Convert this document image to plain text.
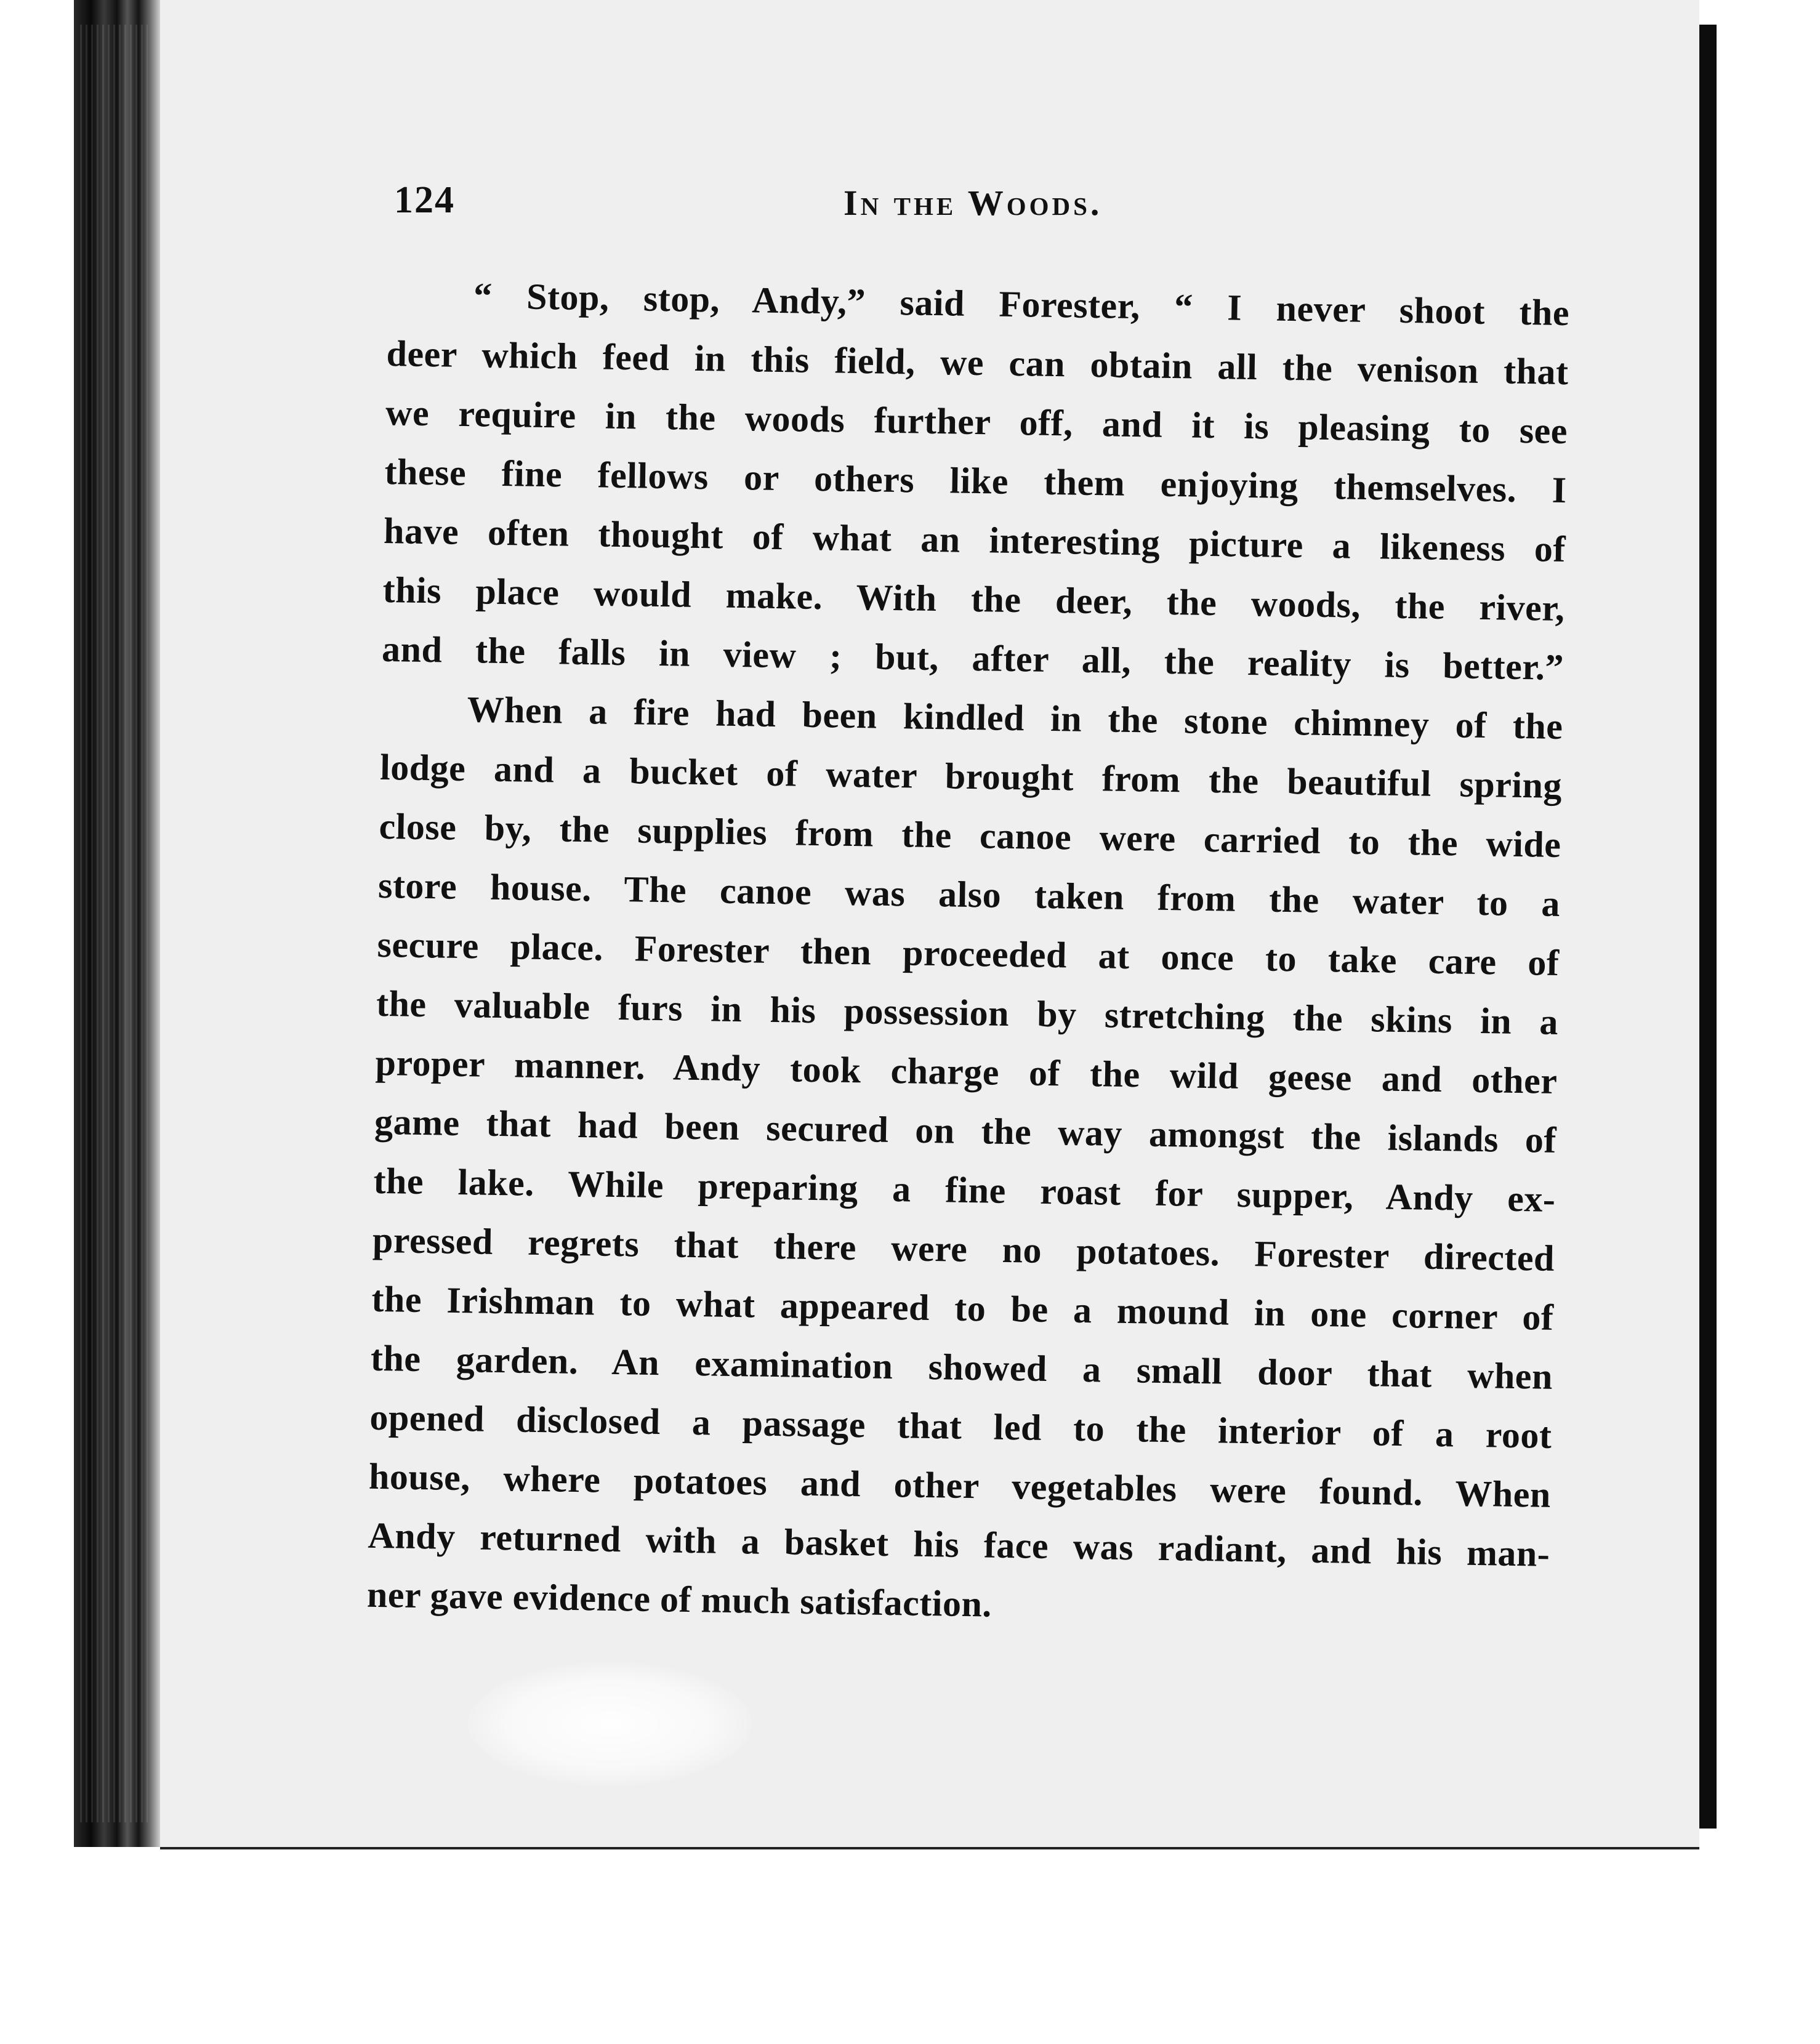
124	In the Woods.
“ Stop, stop, Andy,” said Forester, “ I never shoot the
deer which feed in this field, we can obtain all the venison that
we require in the woods further off, and it is pleasing to see
these fine fellows or others like them enjoying themselves. I
have often thought of what an interesting picture a likeness of
this place would make. With the deer, the woods, the river,
and the falls in view ; but, after all, the reality is better.”
When a fire had been kindled in the stone chimney of the
lodge and a bucket of water brought from the beautiful spring
close by, the supplies from the canoe were carried to the wide
store house. The canoe was also taken from the water to a
secure place. Forester then proceeded at once to take care of
the valuable furs in his possession by stretching the skins in a
proper manner. Andy took charge of the wild geese and other
game that had been secured on the way amongst the islands of
the lake. While preparing a fine roast for supper, Andy ex-
pressed regrets that there were no potatoes. Forester directed
the Irishman to what appeared to be a mound in one corner of
the garden. An examination showed a small door that when
opened disclosed a passage that led to the interior of a root
house, where potatoes and other vegetables were found. When
Andy returned with a basket his face was radiant, and his man-
ner gave evidence of much satisfaction.
